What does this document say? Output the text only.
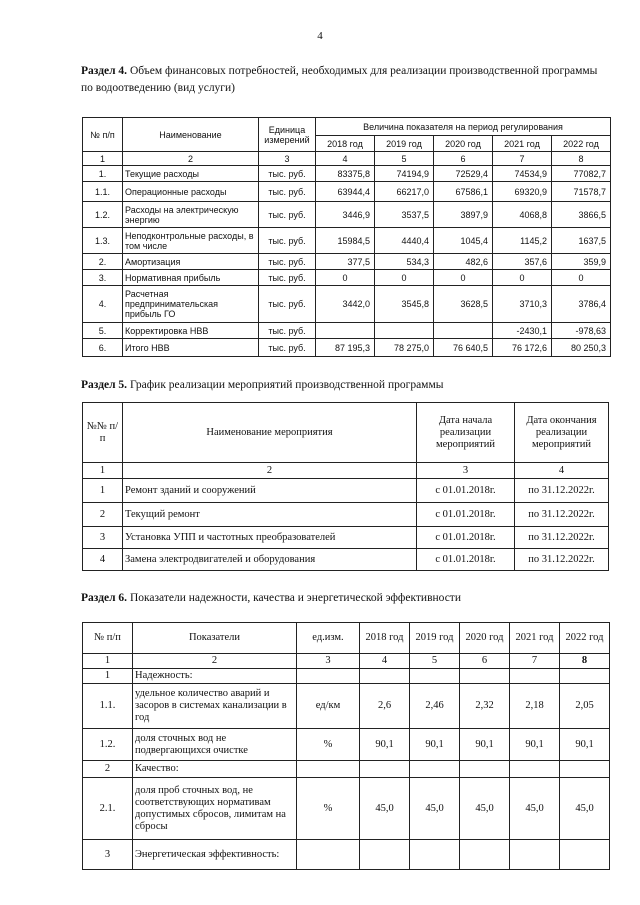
4
Раздел 4. Объем финансовых потребностей, необходимых для реализации производственной программы по водоотведению (вид услуги)
№ п/п	Наименование	Единица измерений	Величина показателя на период регулирования				
			2018 год	2019 год	2020 год	2021 год	2022 год
1	2	3	4	5	6	7	8
1.	Текущие расходы	тыс. руб.	83375,8	74194,9	72529,4	74534,9	77082,7
1.1.	Операционные расходы	тыс. руб.	63944,4	66217,0	67586,1	69320,9	71578,7
1.2.	Расходы на электрическую энергию	тыс. руб.	3446,9	3537,5	3897,9	4068,8	3866,5
1.3.	Неподконтрольные расходы, в том числе	тыс. руб.	15984,5	4440,4	1045,4	1145,2	1637,5
2.	Амортизация	тыс. руб.	377,5	534,3	482,6	357,6	359,9
3.	Нормативная прибыль	тыс. руб.	0	0	0	0	0
4.	Расчетная предпринимательская прибыль ГО	тыс. руб.	3442,0	3545,8	3628,5	3710,3	3786,4
5.	Корректировка НВВ	тыс. руб.				-2430,1	-978,63
6.	Итого НВВ	тыс. руб.	87 195,3	78 275,0	76 640,5	76 172,6	80 250,3
Раздел 5. График реализации мероприятий производственной программы
№№ п/п	Наименование мероприятия	Дата начала реализации мероприятий	Дата окончания реализации мероприятий
1	2	3	4
1	Ремонт зданий и сооружений	с 01.01.2018г.	по 31.12.2022г.
2	Текущий ремонт	с 01.01.2018г.	по 31.12.2022г.
3	Установка УПП и частотных преобразователей	с 01.01.2018г.	по 31.12.2022г.
4	Замена электродвигателей и оборудования	с 01.01.2018г.	по 31.12.2022г.
Раздел 6. Показатели надежности, качества и энергетической эффективности
№ п/п	Показатели	ед.изм.	2018 год	2019 год	2020 год	2021 год	2022 год
1	2	3	4	5	6	7	8
1	Надежность:						
1.1.	удельное количество аварий и засоров в системах канализации в год	ед/км	2,6	2,46	2,32	2,18	2,05
1.2.	доля сточных вод не подвергающихся очистке	%	90,1	90,1	90,1	90,1	90,1
2	Качество:						
2.1.	доля проб сточных вод, не соответствующих нормативам допустимых сбросов, лимитам на сбросы	%	45,0	45,0	45,0	45,0	45,0
3	Энергетическая эффективность:						
